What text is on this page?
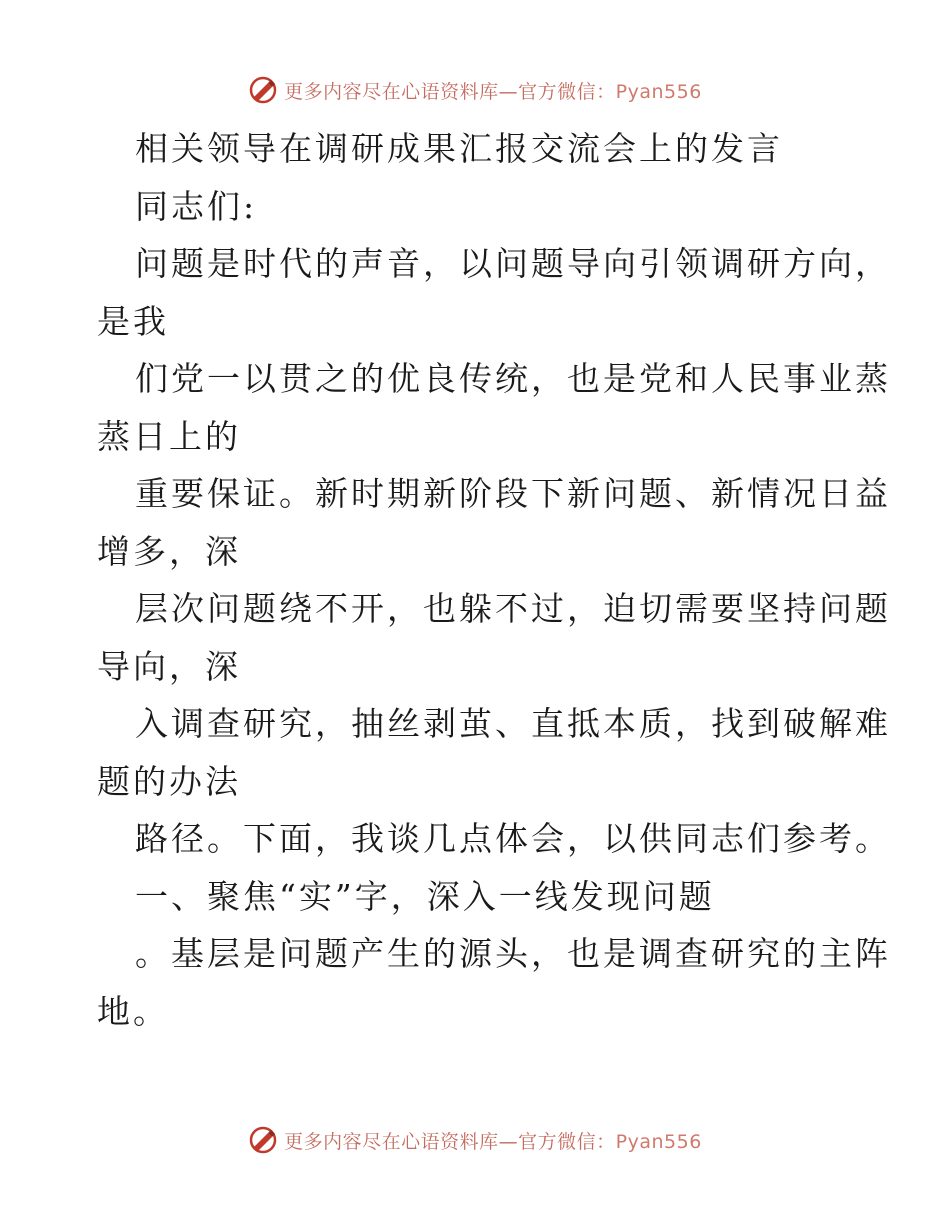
更多内容尽在心语资料库—官方微信：Pyan556
相关领导在调研成果汇报交流会上的发言
同志们:
问题是时代的声音，以问题导向引领调研方向，
是我
们党一以贯之的优良传统，也是党和人民事业蒸
蒸日上的
重要保证。新时期新阶段下新问题、新情况日益
增多，深
层次问题绕不开，也躲不过，迫切需要坚持问题
导向，深
入调查研究，抽丝剥茧、直抵本质，找到破解难
题的办法
路径。下面，我谈几点体会，以供同志们参考。
一、聚焦“实”字，深入一线发现问题
。基层是问题产生的源头，也是调查研究的主阵
地。
更多内容尽在心语资料库—官方微信：Pyan556
